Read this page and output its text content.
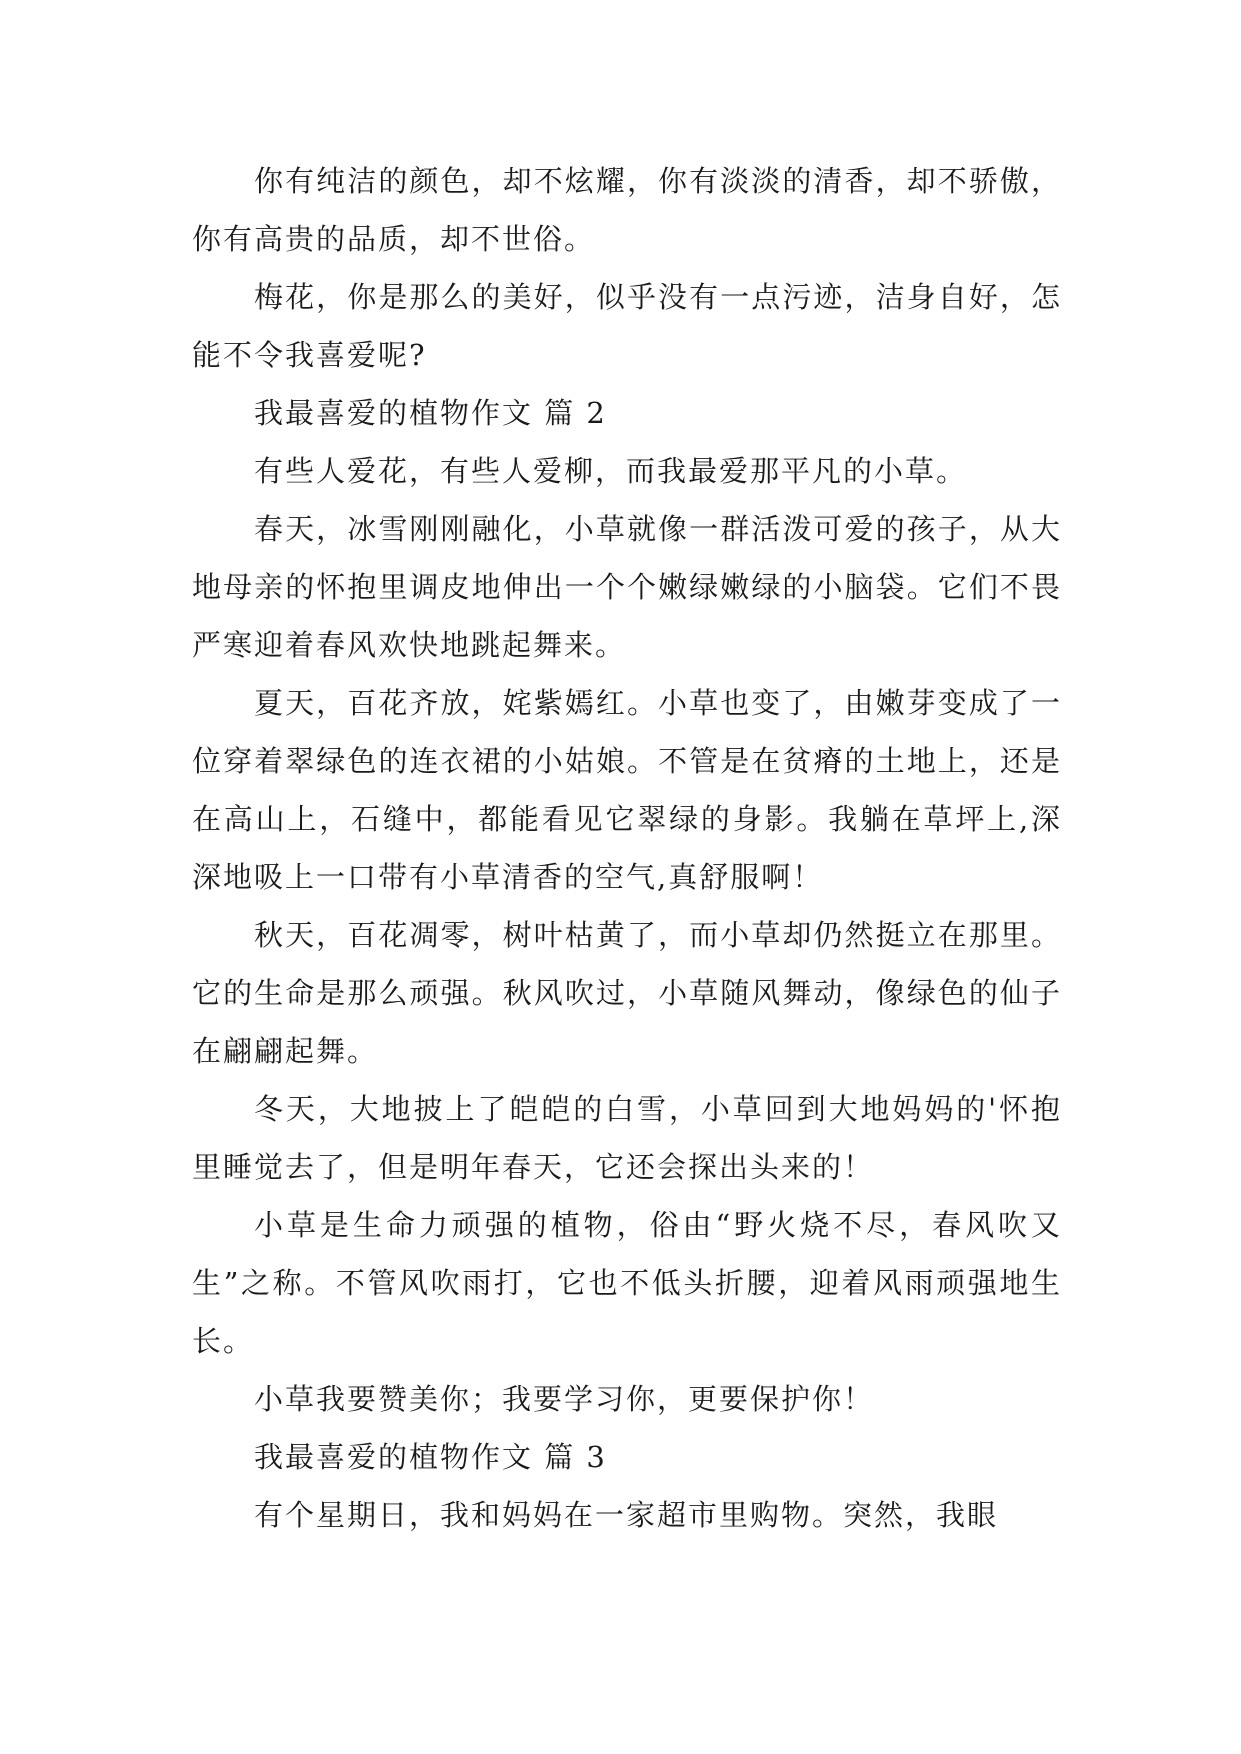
你有纯洁的颜色，却不炫耀，你有淡淡的清香，却不骄傲，你有高贵的品质，却不世俗。

梅花，你是那么的美好，似乎没有一点污迹，洁身自好，怎能不令我喜爱呢?

我最喜爱的植物作文 篇 2

有些人爱花，有些人爱柳，而我最爱那平凡的小草。

春天，冰雪刚刚融化，小草就像一群活泼可爱的孩子，从大地母亲的怀抱里调皮地伸出一个个嫩绿嫩绿的小脑袋。它们不畏严寒迎着春风欢快地跳起舞来。

夏天，百花齐放，姹紫嫣红。小草也变了，由嫩芽变成了一位穿着翠绿色的连衣裙的小姑娘。不管是在贫瘠的土地上，还是在高山上，石缝中，都能看见它翠绿的身影。我躺在草坪上,深深地吸上一口带有小草清香的空气,真舒服啊！

秋天，百花凋零，树叶枯黄了，而小草却仍然挺立在那里。它的生命是那么顽强。秋风吹过，小草随风舞动，像绿色的仙子在翩翩起舞。

冬天，大地披上了皑皑的白雪，小草回到大地妈妈的'怀抱里睡觉去了，但是明年春天，它还会探出头来的！

小草是生命力顽强的植物，俗由“野火烧不尽，春风吹又生”之称。不管风吹雨打，它也不低头折腰，迎着风雨顽强地生长。

小草我要赞美你；我要学习你，更要保护你！

我最喜爱的植物作文 篇 3

有个星期日，我和妈妈在一家超市里购物。突然，我眼
